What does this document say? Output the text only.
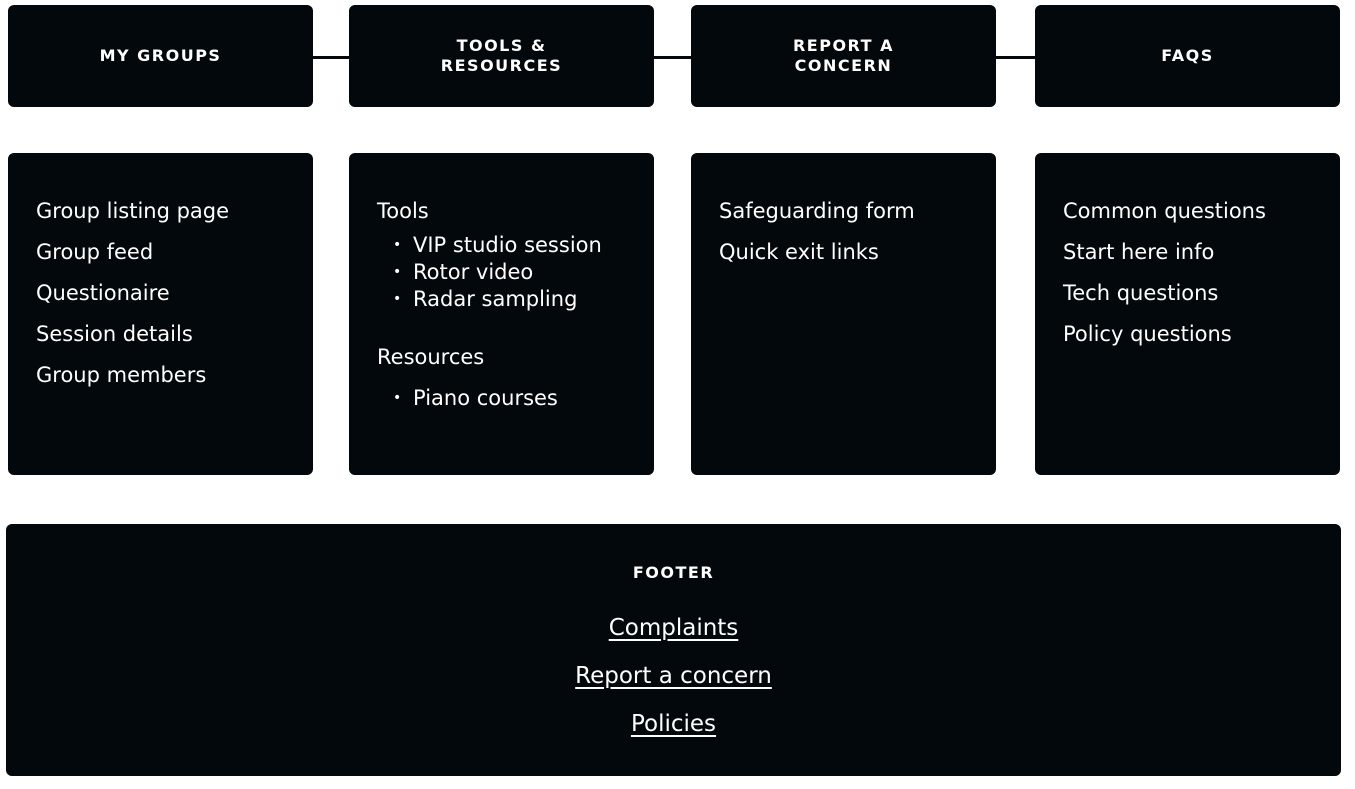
MY GROUPS
TOOLS &
RESOURCES
REPORT A
CONCERN
FAQS
Group listing page
Group feed
Questionaire
Session details
Group members
Tools
• VIP studio session
• Rotor video
• Radar sampling
Resources
• Piano courses
Safeguarding form
Quick exit links
Common questions
Start here info
Tech questions
Policy questions
FOOTER
Complaints
Report a concern
Policies
